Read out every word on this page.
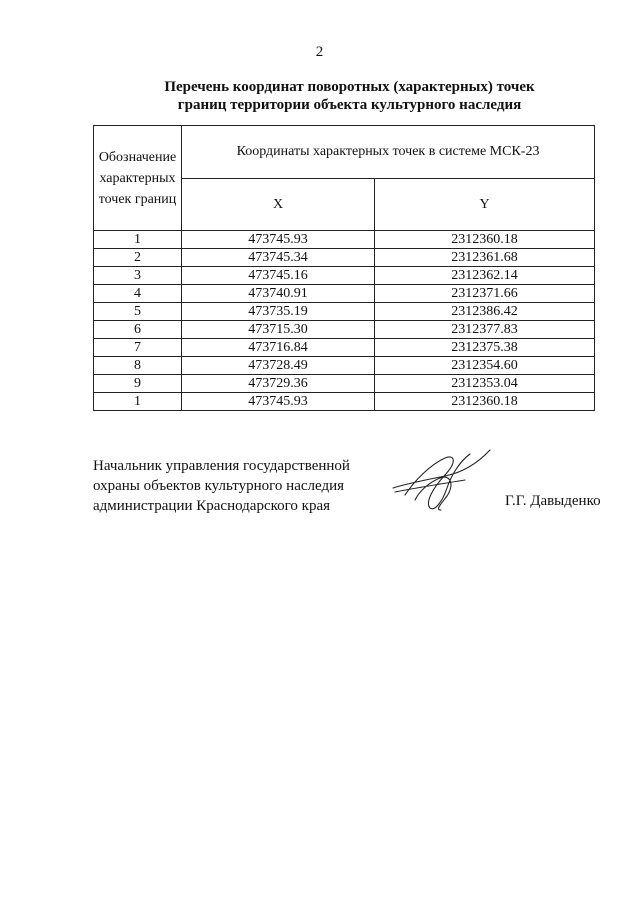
2
Перечень координат поворотных (характерных) точек
границ территории объекта культурного наследия
Обозначение
характерных
точек границ	Координаты характерных точек в системе МСК-23	
	X	Y
1	473745.93	2312360.18
2	473745.34	2312361.68
3	473745.16	2312362.14
4	473740.91	2312371.66
5	473735.19	2312386.42
6	473715.30	2312377.83
7	473716.84	2312375.38
8	473728.49	2312354.60
9	473729.36	2312353.04
1	473745.93	2312360.18
Начальник управления государственной
охраны объектов культурного наследия
администрации Краснодарского края	Г.Г. Давыденко
